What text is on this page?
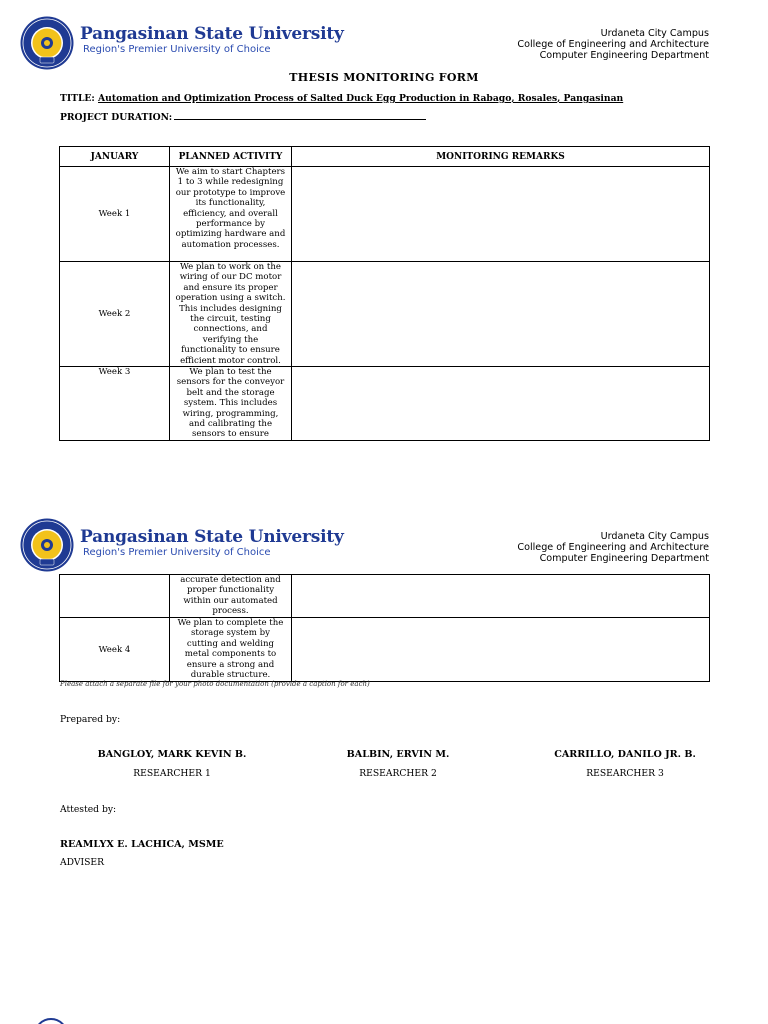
Pangasinan State University
Region's Premier University of Choice
Urdaneta City Campus
College of Engineering and Architecture
Computer Engineering Department
THESIS MONITORING FORM
TITLE: Automation and Optimization Process of Salted Duck Egg Production in Rabago, Rosales, Pangasinan
PROJECT DURATION:
JANUARY	PLANNED ACTIVITY	MONITORING REMARKS
Week 1	We aim to start Chapters 1 to 3 while redesigning our prototype to improve its functionality, efficiency, and overall performance by optimizing hardware and automation processes.	

Week 2	We plan to work on the wiring of our DC motor and ensure its proper operation using a switch. This includes designing the circuit, testing connections, and verifying the functionality to ensure efficient motor control.	

Week 3	We plan to test the sensors for the conveyor belt and the storage system. This includes wiring, programming, and calibrating the sensors to ensure	

Pangasinan State University
Region's Premier University of Choice
Urdaneta City Campus
College of Engineering and Architecture
Computer Engineering Department

	accurate detection and proper functionality within our automated process.	

Week 4	We plan to complete the storage system by cutting and welding metal components to ensure a strong and durable structure.	

Please attach a separate file for your photo documentation (provide a caption for each)
Prepared by:
BANGLOY, MARK KEVIN B.
RESEARCHER 1
BALBIN, ERVIN M.
RESEARCHER 2
CARRILLO, DANILO JR. B.
RESEARCHER 3
Attested by:
REAMLYX E. LACHICA, MSME
ADVISER
